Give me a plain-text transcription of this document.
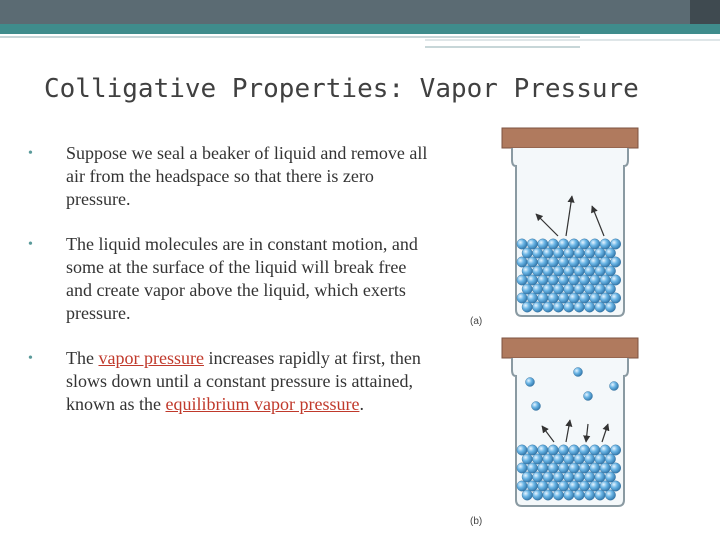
Colligative Properties: Vapor Pressure
• Suppose we seal a beaker of liquid and remove all air from the headspace so that there is zero pressure.
• The liquid molecules are in constant motion, and some at the surface of the liquid will break free and create vapor above the liquid, which exerts pressure.
• The vapor pressure increases rapidly at first, then slows down until a constant pressure is attained, known as the equilibrium vapor pressure.
(a)
(b)
